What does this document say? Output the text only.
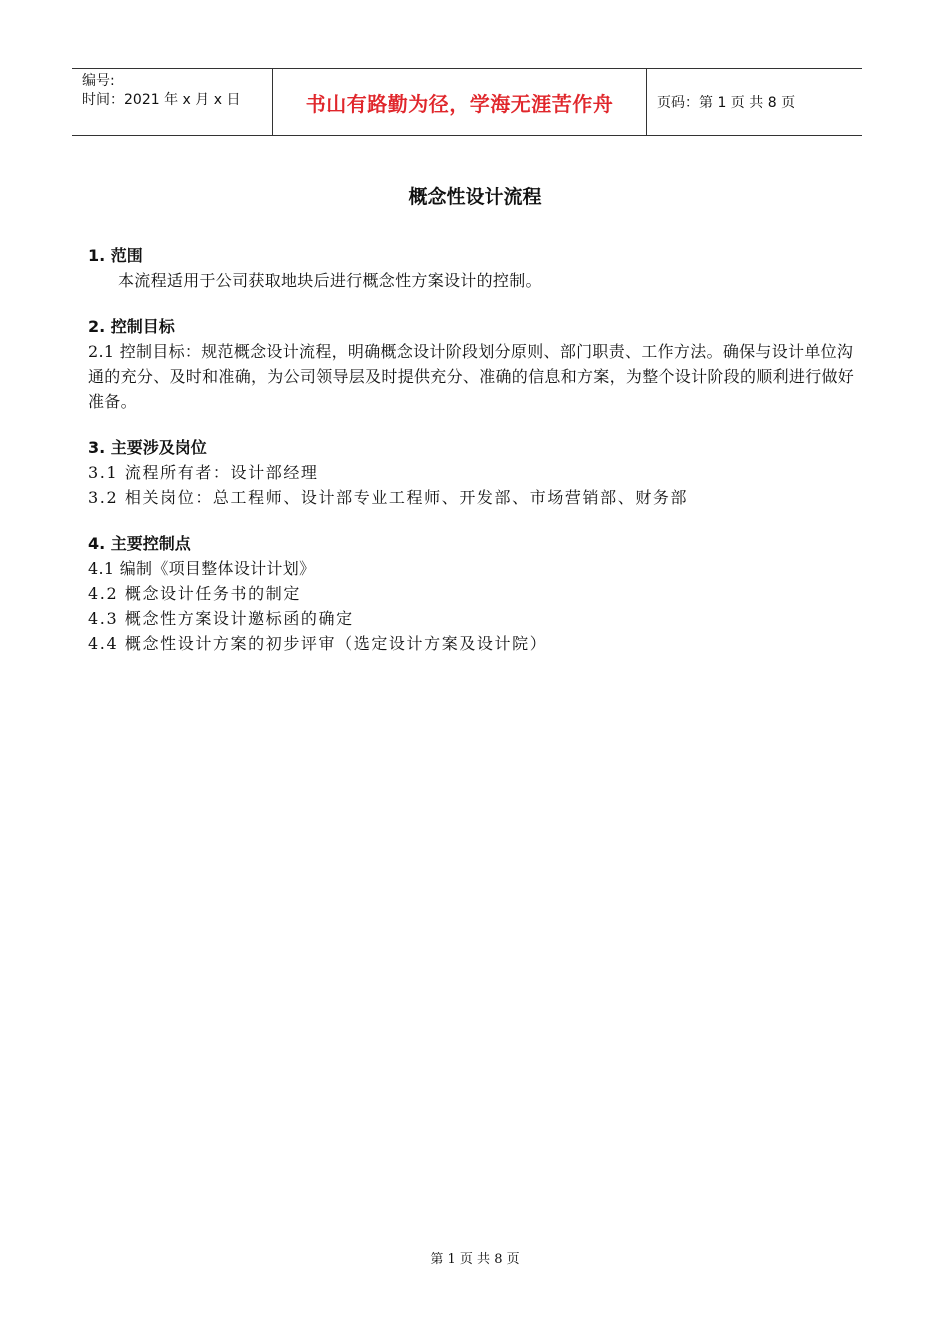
编号:
时间：2021 年 x 月 x 日	书山有路勤为径，学海无涯苦作舟	页码：第 1 页 共 8 页
概念性设计流程

1. 范围

本流程适用于公司获取地块后进行概念性方案设计的控制。

2. 控制目标

2.1 控制目标：规范概念设计流程，明确概念设计阶段划分原则、部门职责、工作方法。确保与设计单位沟通的充分、及时和准确，为公司领导层及时提供充分、准确的信息和方案，为整个设计阶段的顺利进行做好准备。

3. 主要涉及岗位

3.1 流程所有者：设计部经理

3.2 相关岗位：总工程师、设计部专业工程师、开发部、市场营销部、财务部

4. 主要控制点

4.1 编制《项目整体设计计划》

4.2 概念设计任务书的制定

4.3 概念性方案设计邀标函的确定

4.4 概念性设计方案的初步评审（选定设计方案及设计院）

第 1 页 共 8 页
